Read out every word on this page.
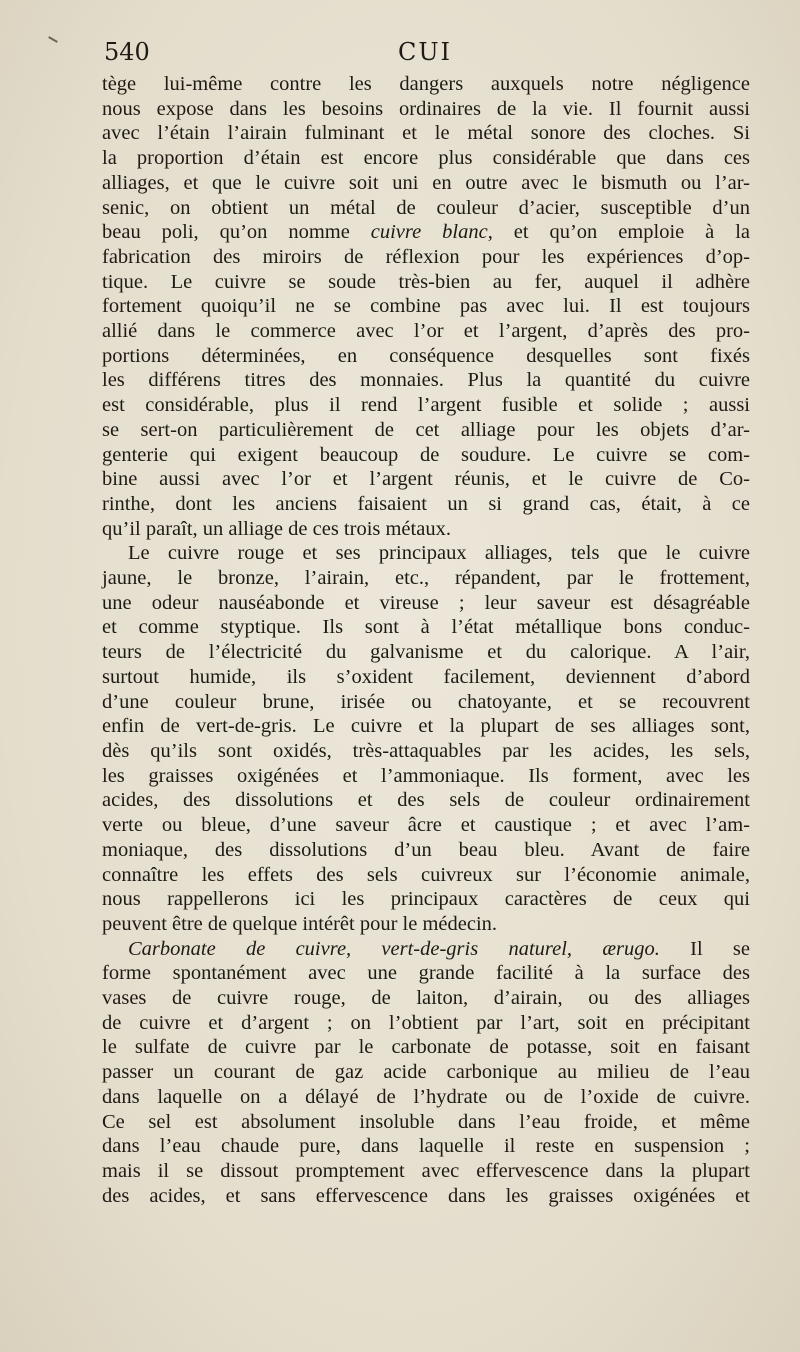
540	CUI
tège lui-même contre les dangers auxquels notre négligence
nous expose dans les besoins ordinaires de la vie. Il fournit aussi
avec l’étain l’airain fulminant et le métal sonore des cloches. Si
la proportion d’étain est encore plus considérable que dans ces
alliages, et que le cuivre soit uni en outre avec le bismuth ou l’ar-
senic, on obtient un métal de couleur d’acier, susceptible d’un
beau poli, qu’on nomme cuivre blanc, et qu’on emploie à la
fabrication des miroirs de réflexion pour les expériences d’op-
tique. Le cuivre se soude très-bien au fer, auquel il adhère
fortement quoiqu’il ne se combine pas avec lui. Il est toujours
allié dans le commerce avec l’or et l’argent, d’après des pro-
portions déterminées, en conséquence desquelles sont fixés
les différens titres des monnaies. Plus la quantité du cuivre
est considérable, plus il rend l’argent fusible et solide ; aussi
se sert-on particulièrement de cet alliage pour les objets d’ar-
genterie qui exigent beaucoup de soudure. Le cuivre se com-
bine aussi avec l’or et l’argent réunis, et le cuivre de Co-
rinthe, dont les anciens faisaient un si grand cas, était, à ce
qu’il paraît, un alliage de ces trois métaux.
Le cuivre rouge et ses principaux alliages, tels que le cuivre
jaune, le bronze, l’airain, etc., répandent, par le frottement,
une odeur nauséabonde et vireuse ; leur saveur est désagréable
et comme styptique. Ils sont à l’état métallique bons conduc-
teurs de l’électricité du galvanisme et du calorique. A l’air,
surtout humide, ils s’oxident facilement, deviennent d’abord
d’une couleur brune, irisée ou chatoyante, et se recouvrent
enfin de vert-de-gris. Le cuivre et la plupart de ses alliages sont,
dès qu’ils sont oxidés, très-attaquables par les acides, les sels,
les graisses oxigénées et l’ammoniaque. Ils forment, avec les
acides, des dissolutions et des sels de couleur ordinairement
verte ou bleue, d’une saveur âcre et caustique ; et avec l’am-
moniaque, des dissolutions d’un beau bleu. Avant de faire
connaître les effets des sels cuivreux sur l’économie animale,
nous rappellerons ici les principaux caractères de ceux qui
peuvent être de quelque intérêt pour le médecin.
Carbonate de cuivre, vert-de-gris naturel, ærugo. Il se
forme spontanément avec une grande facilité à la surface des
vases de cuivre rouge, de laiton, d’airain, ou des alliages
de cuivre et d’argent ; on l’obtient par l’art, soit en précipitant
le sulfate de cuivre par le carbonate de potasse, soit en faisant
passer un courant de gaz acide carbonique au milieu de l’eau
dans laquelle on a délayé de l’hydrate ou de l’oxide de cuivre.
Ce sel est absolument insoluble dans l’eau froide, et même
dans l’eau chaude pure, dans laquelle il reste en suspension ;
mais il se dissout promptement avec effervescence dans la plupart
des acides, et sans effervescence dans les graisses oxigénées et
